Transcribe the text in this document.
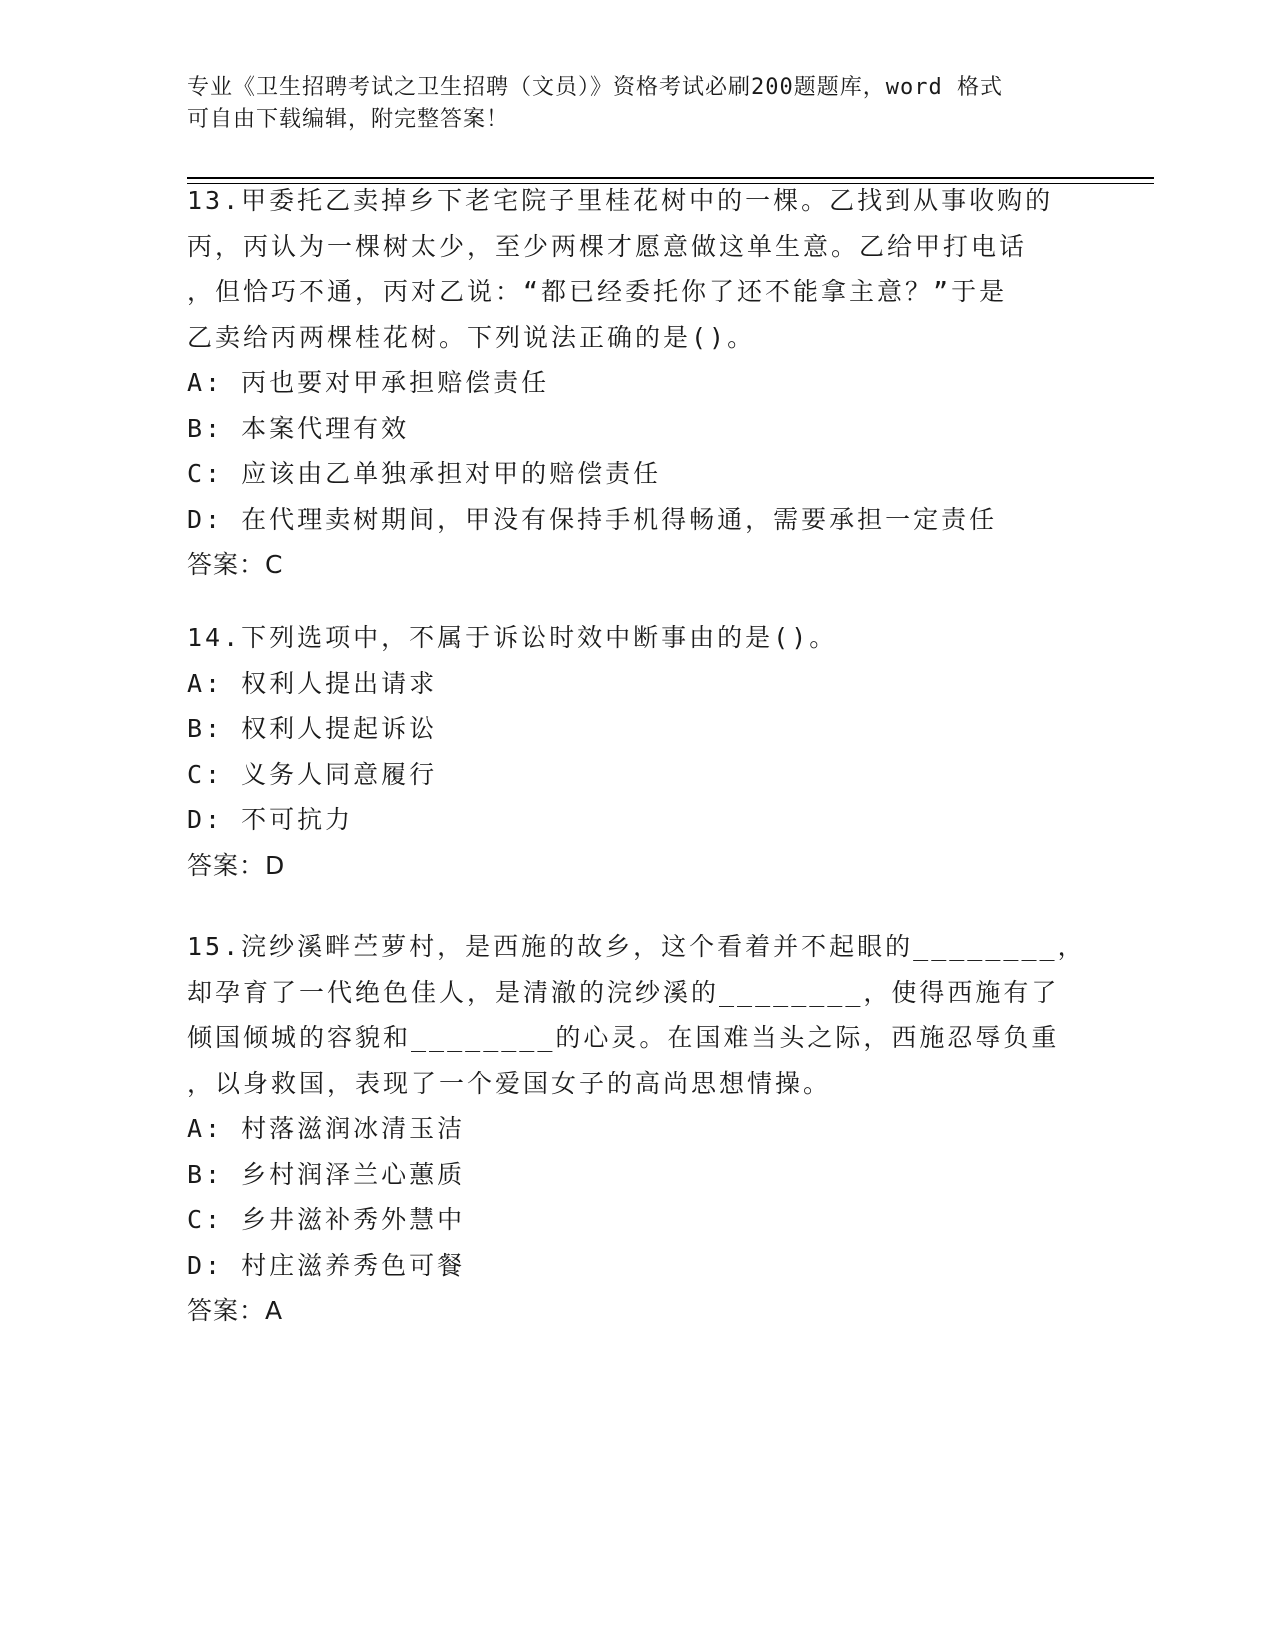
专业《卫生招聘考试之卫生招聘（文员）》资格考试必刷200题题库，word 格式
可自由下载编辑，附完整答案！
13.甲委托乙卖掉乡下老宅院子里桂花树中的一棵。乙找到从事收购的
丙，丙认为一棵树太少，至少两棵才愿意做这单生意。乙给甲打电话
，但恰巧不通，丙对乙说：“都已经委托你了还不能拿主意？”于是
乙卖给丙两棵桂花树。下列说法正确的是()。
A: 丙也要对甲承担赔偿责任
B: 本案代理有效
C: 应该由乙单独承担对甲的赔偿责任
D: 在代理卖树期间，甲没有保持手机得畅通，需要承担一定责任
答案：C
14.下列选项中，不属于诉讼时效中断事由的是()。
A: 权利人提出请求
B: 权利人提起诉讼
C: 义务人同意履行
D: 不可抗力
答案：D
15.浣纱溪畔苎萝村，是西施的故乡，这个看着并不起眼的________，
却孕育了一代绝色佳人，是清澈的浣纱溪的________，使得西施有了
倾国倾城的容貌和________的心灵。在国难当头之际，西施忍辱负重
，以身救国，表现了一个爱国女子的高尚思想情操。
A: 村落滋润冰清玉洁
B: 乡村润泽兰心蕙质
C: 乡井滋补秀外慧中
D: 村庄滋养秀色可餐
答案：A
